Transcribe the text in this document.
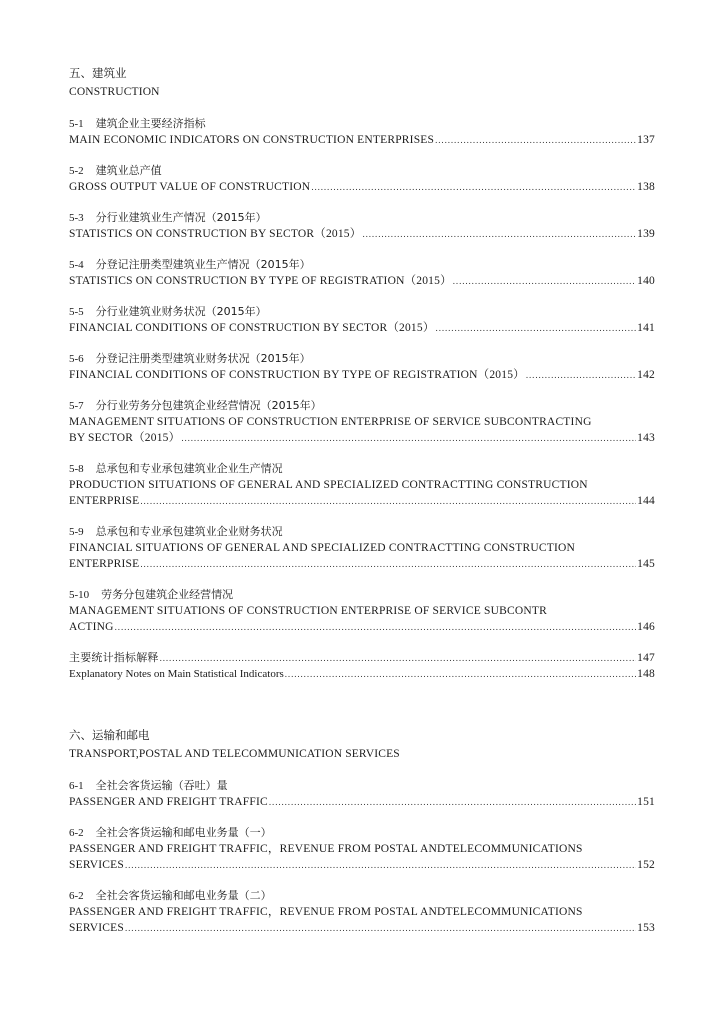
五、建筑业
CONSTRUCTION
5-1 建筑企业主要经济指标
MAIN ECONOMIC INDICATORS ON CONSTRUCTION ENTERPRISES .....	137
5-2 建筑业总产值
GROSS OUTPUT VALUE OF CONSTRUCTION .....	138
5-3 分行业建筑业生产情况（2015年）
STATISTICS ON CONSTRUCTION BY SECTOR（2015） .....	139
5-4 分登记注册类型建筑业生产情况（2015年）
STATISTICS ON CONSTRUCTION BY TYPE OF REGISTRATION（2015） .....	140
5-5 分行业建筑业财务状况（2015年）
FINANCIAL CONDITIONS OF CONSTRUCTION BY SECTOR（2015） .....	141
5-6 分登记注册类型建筑业财务状况（2015年）
FINANCIAL CONDITIONS OF CONSTRUCTION BY TYPE OF REGISTRATION（2015） .....	142
5-7 分行业劳务分包建筑企业经营情况（2015年）
MANAGEMENT SITUATIONS OF CONSTRUCTION ENTERPRISE OF SERVICE SUBCONTRACTING
BY SECTOR（2015） .....	143
5-8 总承包和专业承包建筑业企业生产情况
PRODUCTION SITUATIONS OF GENERAL AND SPECIALIZED CONTRACTTING CONSTRUCTION
ENTERPRISE .....	144
5-9 总承包和专业承包建筑业企业财务状况
FINANCIAL SITUATIONS OF GENERAL AND SPECIALIZED CONTRACTTING CONSTRUCTION
ENTERPRISE .....	145
5-10 劳务分包建筑企业经营情况
MANAGEMENT SITUATIONS OF CONSTRUCTION ENTERPRISE OF SERVICE SUBCONTR
ACTING .....	146
主要统计指标解释 .....	147
Explanatory Notes on Main Statistical Indicators .....	148
六、运输和邮电
TRANSPORT,POSTAL AND TELECOMMUNICATION SERVICES
6-1 全社会客货运输（吞吐）量
PASSENGER AND FREIGHT TRAFFIC .....	151
6-2 全社会客货运输和邮电业务量（一）
PASSENGER AND FREIGHT TRAFFIC，REVENUE FROM POSTAL ANDTELECOMMUNICATIONS
SERVICES .....	152
6-2 全社会客货运输和邮电业务量（二）
PASSENGER AND FREIGHT TRAFFIC，REVENUE FROM POSTAL ANDTELECOMMUNICATIONS
SERVICES .....	153
